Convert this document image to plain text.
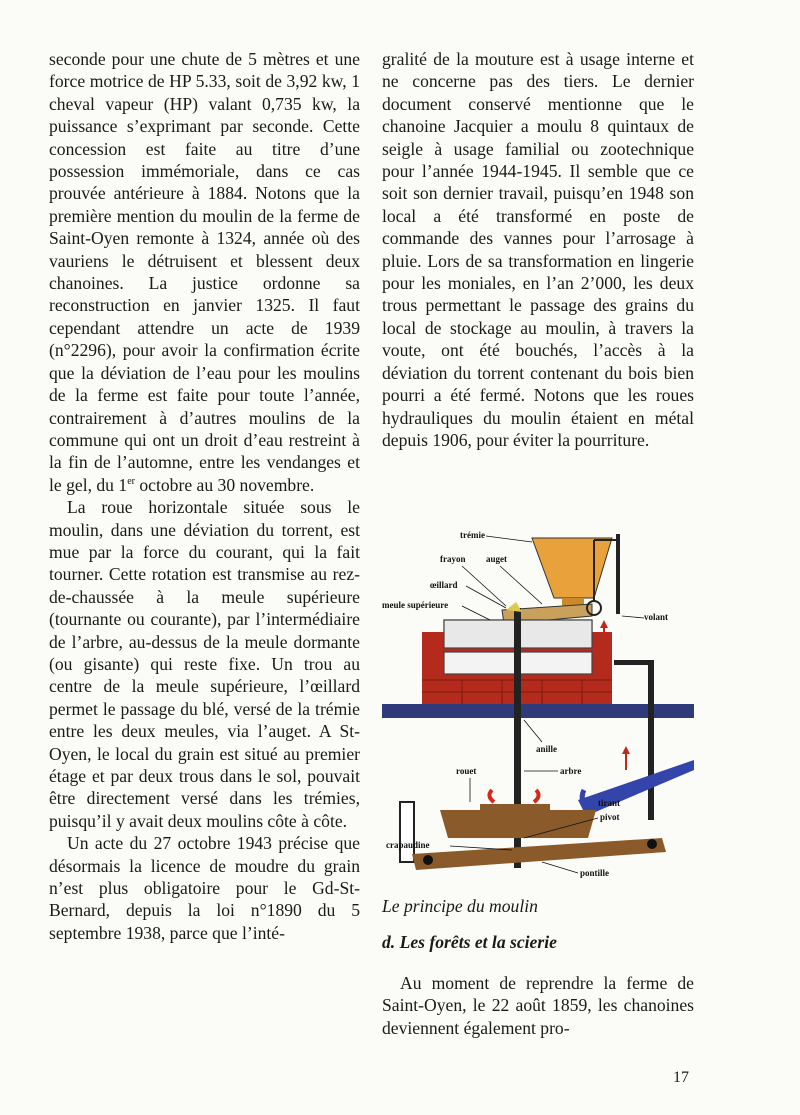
seconde pour une chute de 5 mètres et une force motrice de HP 5.33, soit de 3,92 kw, 1 cheval vapeur (HP) valant 0,735 kw, la puissance s’exprimant par seconde. Cette concession est faite au titre d’une possession immémoriale, dans ce cas prouvée antérieure à 1884. Notons que la première mention du moulin de la ferme de Saint-Oyen remonte à 1324, année où des vauriens le détruisent et blessent deux chanoines. La justice ordonne sa reconstruction en janvier 1325. Il faut cependant attendre un acte de 1939 (n°2296), pour avoir la confirmation écrite que la déviation de l’eau pour les moulins de la ferme est faite pour toute l’année, contrairement à d’autres moulins de la commune qui ont un droit d’eau restreint à la fin de l’automne, entre les vendanges et le gel, du 1er octobre au 30 novembre.

La roue horizontale située sous le moulin, dans une déviation du torrent, est mue par la force du courant, qui la fait tourner. Cette rotation est transmise au rez-de-chaussée à la meule supérieure (tournante ou courante), par l’intermédiaire de l’arbre, au-dessus de la meule dormante (ou gisante) qui reste fixe. Un trou au centre de la meule supérieure, l’œillard permet le passage du blé, versé de la trémie entre les deux meules, via l’auget. A St-Oyen, le local du grain est situé au premier étage et par deux trous dans le sol, pouvait être directement versé dans les trémies, puisqu’il y avait deux moulins côte à côte.

Un acte du 27 octobre 1943 précise que désormais la licence de moudre du grain n’est plus obligatoire pour le Gd-St-Bernard, depuis la loi n°1890 du 5 septembre 1938, parce que l’inté-

gralité de la mouture est à usage interne et ne concerne pas des tiers. Le dernier document conservé mentionne que le chanoine Jacquier a moulu 8 quintaux de seigle à usage familial ou zootechnique pour l’année 1944-1945. Il semble que ce soit son dernier travail, puisqu’en 1948 son local a été transformé en poste de commande des vannes pour l’arrosage à pluie. Lors de sa transformation en lingerie pour les moniales, en l’an 2’000, les deux trous permettant le passage des grains du local de stockage au moulin, à travers la voute, ont été bouchés, l’accès à la déviation du torrent contenant du bois bien pourri a été fermé. Notons que les roues hydrauliques du moulin étaient en métal depuis 1906, pour éviter la pourriture.

trémie
frayon auget
œillard
meule supérieure
volant
anille
rouet	arbre
tirant
pivot
crapaudine
pontille
Le principe du moulin
d. Les forêts et la scierie

Au moment de reprendre la ferme de Saint-Oyen, le 22 août 1859, les chanoines deviennent également pro-

17
